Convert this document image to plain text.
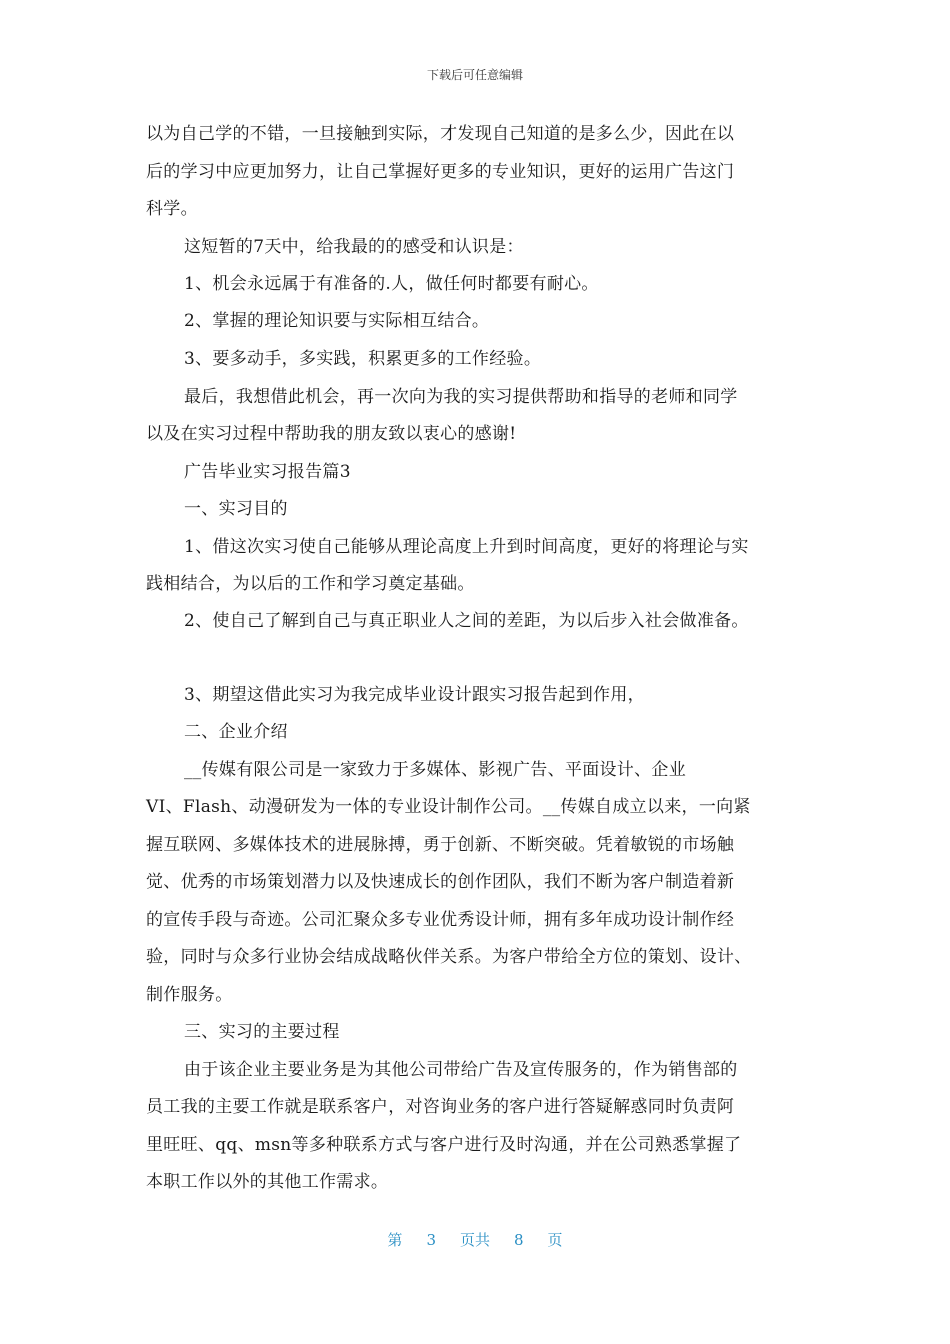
下载后可任意编辑
以为自己学的不错，一旦接触到实际，才发现自己知道的是多么少，因此在以
后的学习中应更加努力，让自己掌握好更多的专业知识，更好的运用广告这门
科学。
这短暂的7天中，给我最的的感受和认识是：
1、机会永远属于有准备的.人，做任何时都要有耐心。
2、掌握的理论知识要与实际相互结合。
3、要多动手，多实践，积累更多的工作经验。
最后，我想借此机会，再一次向为我的实习提供帮助和指导的老师和同学
以及在实习过程中帮助我的朋友致以衷心的感谢!
广告毕业实习报告篇3
一、实习目的
1、借这次实习使自己能够从理论高度上升到时间高度，更好的将理论与实
践相结合，为以后的工作和学习奠定基础。
2、使自己了解到自己与真正职业人之间的差距，为以后步入社会做准备。
3、期望这借此实习为我完成毕业设计跟实习报告起到作用，
二、企业介绍
__传媒有限公司是一家致力于多媒体、影视广告、平面设计、企业
VI、Flash、动漫研发为一体的专业设计制作公司。__传媒自成立以来，一向紧
握互联网、多媒体技术的进展脉搏，勇于创新、不断突破。凭着敏锐的市场触
觉、优秀的市场策划潜力以及快速成长的创作团队，我们不断为客户制造着新
的宣传手段与奇迹。公司汇聚众多专业优秀设计师，拥有多年成功设计制作经
验，同时与众多行业协会结成战略伙伴关系。为客户带给全方位的策划、设计、
制作服务。
三、实习的主要过程
由于该企业主要业务是为其他公司带给广告及宣传服务的，作为销售部的
员工我的主要工作就是联系客户，对咨询业务的客户进行答疑解惑同时负责阿
里旺旺、qq、msn等多种联系方式与客户进行及时沟通，并在公司熟悉掌握了
本职工作以外的其他工作需求。
第 3 页共 8 页
